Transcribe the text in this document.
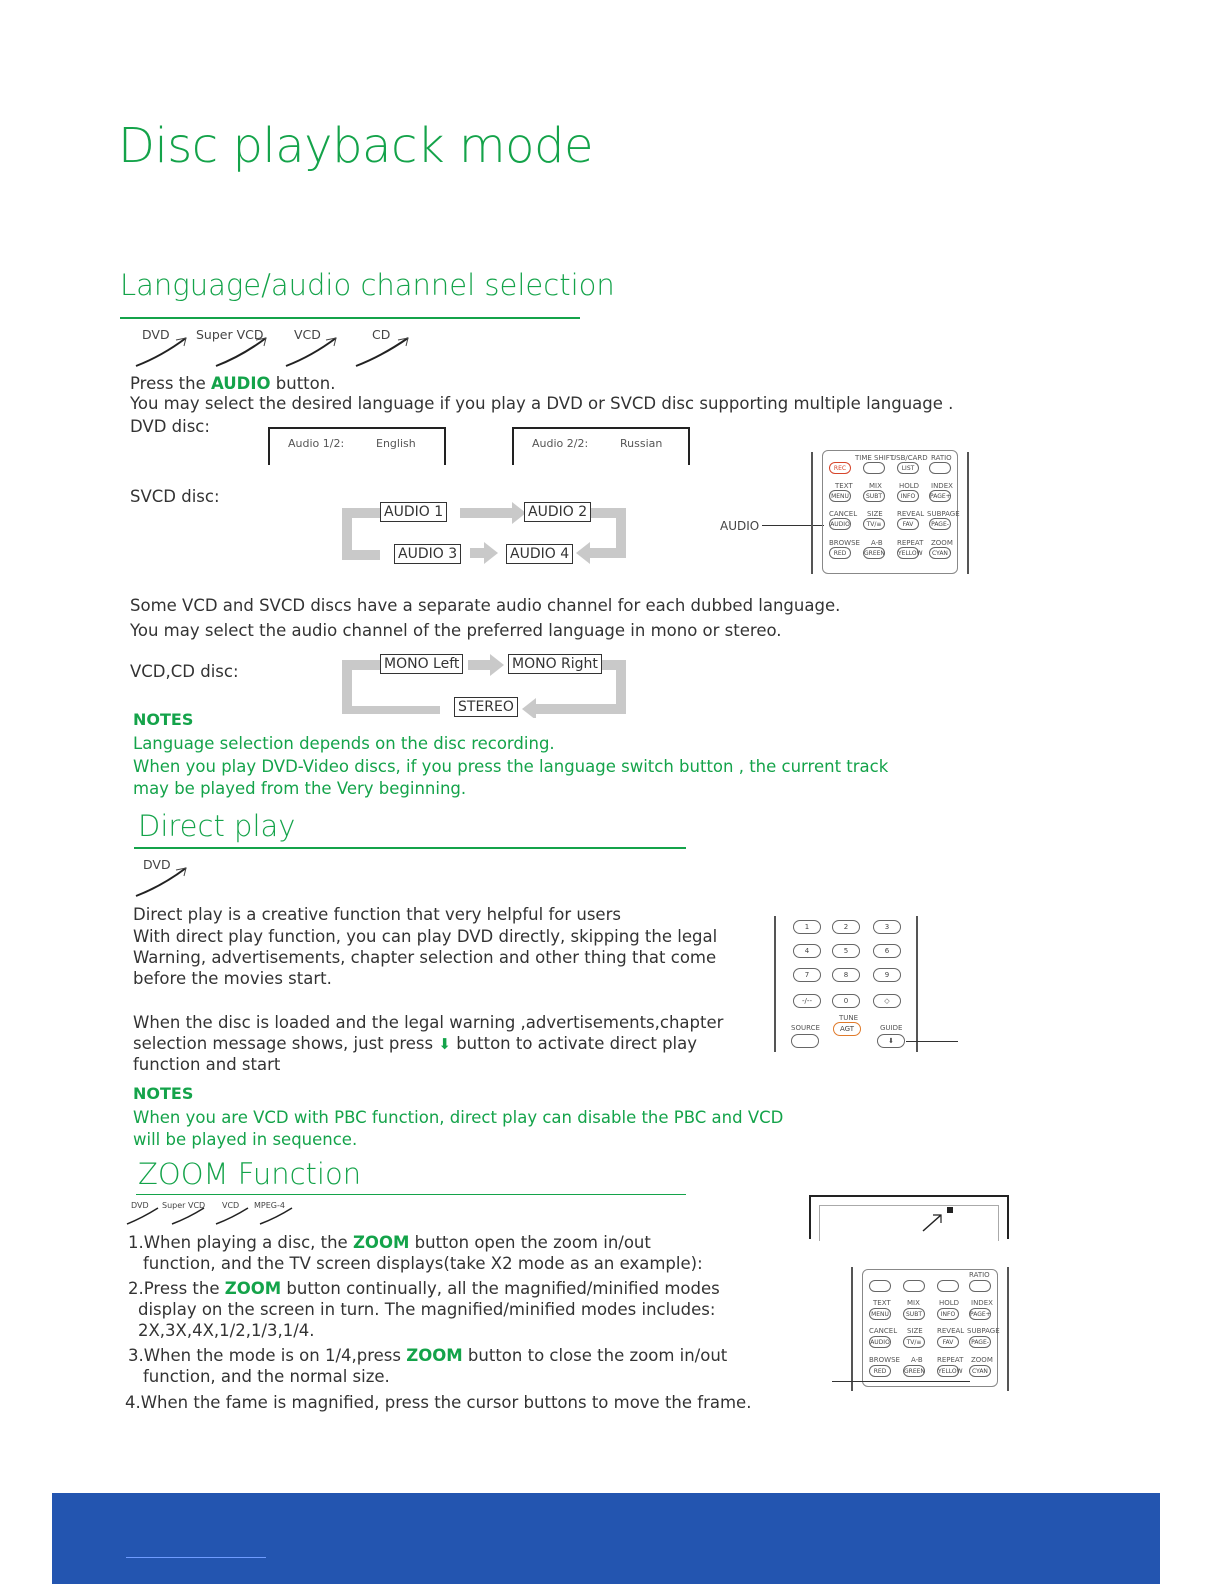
Disc playback mode
Language/audio channel selection
DVD Super VCD VCD	CD
Press the AUDIO button.
You may select the desired language if you play a DVD or SVCD disc supporting multiple language .
DVD disc:
Audio 1/2:	English	Audio 2/2:	Russian
SVCD disc:
AUDIO 1	AUDIO 2
AUDIO 3	AUDIO 4
AUDIO
TIME SHIFT
USB/CARD RATIO
REC	LIST
TEXT MIX HOLD INDEX
MENU	SUBT	INFO	PAGE+
CANCEL SIZE REVEAL SUBPAGE
AUDIO	TV/≡	FAV	PAGE-
BROWSE A-B REPEAT ZOOM
RED	GREEN YELLOW	CYAN
Some VCD and SVCD discs have a separate audio channel for each dubbed language.
You may select the audio channel of the preferred language in mono or stereo.
VCD,CD disc:	MONO Left	MONO Right
STEREO
NOTES
Language selection depends on the disc recording.
When you play DVD-Video discs, if you press the language switch button , the current track
may be played from the Very beginning.
Direct play
DVD
Direct play is a creative function that very helpful for users
With direct play function, you can play DVD directly, skipping the legal
Warning, advertisements, chapter selection and other thing that come
before the movies start.
When the disc is loaded and the legal warning ,advertisements,chapter
selection message shows, just press ⬇ button to activate direct play
function and start
1	2	3
4	5	6
7	8	9
-/--	0	◇
SOURCE
TUNE
GUIDE
AGT
⬇
NOTES
When you are VCD with PBC function, direct play can disable the PBC and VCD
will be played in sequence.
ZOOM Function
DVD Super VCD VCD MPEG-4
1.When playing a disc, the ZOOM button open the zoom in/out
function, and the TV screen displays(take X2 mode as an example):
2.Press the ZOOM button continually, all the magnified/minified modes
display on the screen in turn. The magnified/minified modes includes:
2X,3X,4X,1/2,1/3,1/4.
3.When the mode is on 1/4,press ZOOM button to close the zoom in/out
function, and the normal size.
4.When the fame is magnified, press the cursor buttons to move the frame.
RATIO
TEXT MIX	HOLD INDEX
MENU	SUBT	INFO	PAGE+
CANCEL SIZE REVEAL SUBPAGE
AUDIO	TV/≡	FAV	PAGE-
BROWSE A-B REPEAT ZOOM
RED	GREEN YELLOW	CYAN
